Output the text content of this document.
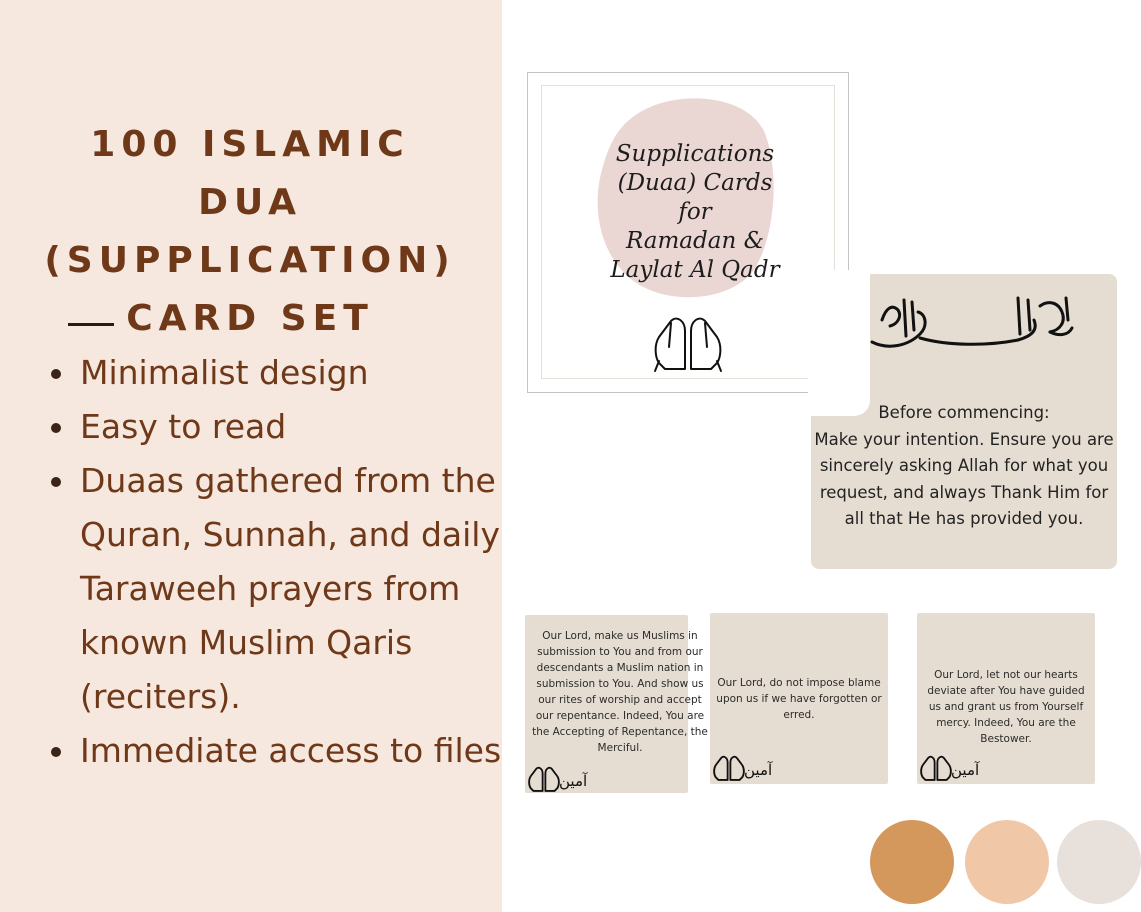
100 ISLAMIC DUA
(SUPPLICATION)
CARD SET
• Minimalist design
• Easy to read
• Duaas gathered from the Quran, Sunnah, and daily Taraweeh prayers from known Muslim Qaris (reciters).
• Immediate access to files
Supplications
(Duaa) Cards for
Ramadan &
Laylat Al Qadr

Before commencing:
Make your intention. Ensure you are sincerely asking Allah for what you request, and always Thank Him for all that He has provided you.

Our Lord, make us Muslims in submission to You and from our descendants a Muslim nation in submission to You. And show us our rites of worship and accept our repentance. Indeed, You are the Accepting of Repentance, the Merciful.

آمين

Our Lord, do not impose blame upon us if we have forgotten or erred.

آمين

Our Lord, let not our hearts deviate after You have guided us and grant us from Yourself mercy. Indeed, You are the Bestower.

آمين
